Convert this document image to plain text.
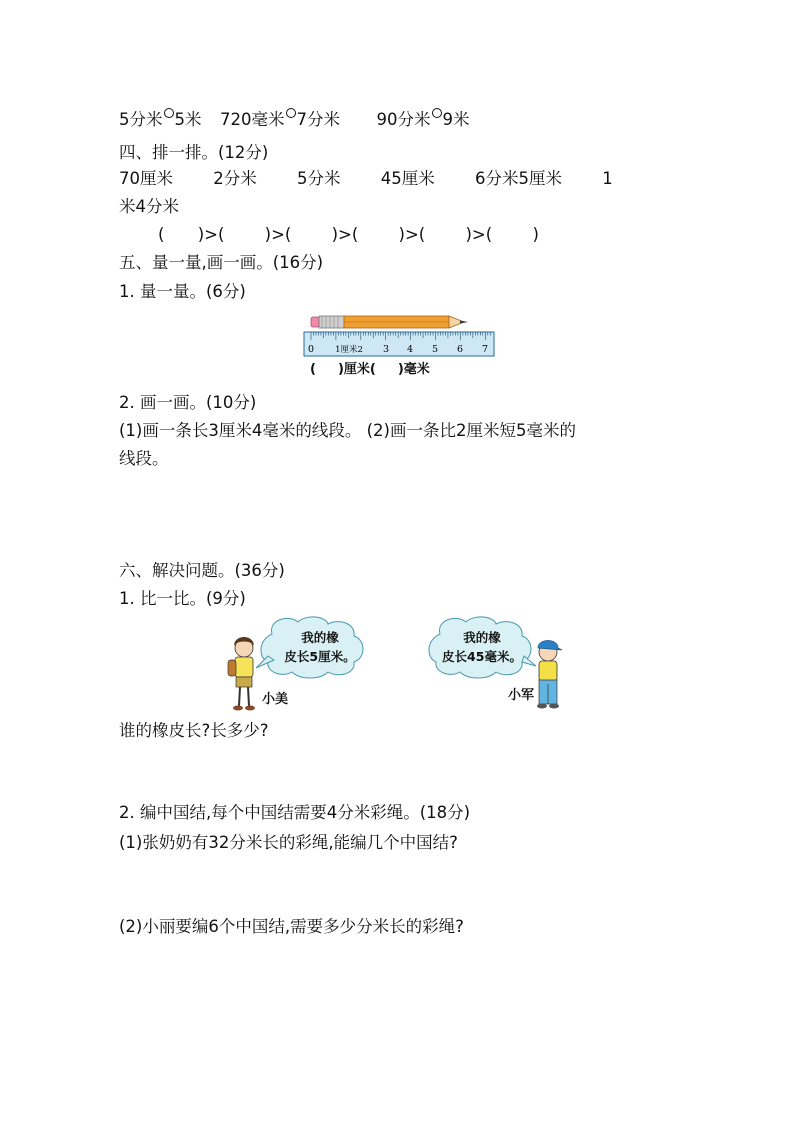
5分米 5米 720毫米 7分米 90分米 9米
四、排一排。(12分)
70厘米 2分米 5分米 45厘米 6分米5厘米 1
米4分米
( )>( )>( )>( )>( )>( )
五、量一量,画一画。(16分)
1. 量一量。(6分)
0 1厘米2 3 4 5 6 7
( )厘米( )毫米
2. 画一画。(10分)
(1)画一条长3厘米4毫米的线段。 (2)画一条比2厘米短5毫米的
线段。
六、解决问题。(36分)
1. 比一比。(9分)
我的橡
皮长5厘米。
小美
我的橡
皮长45毫米。
小军
谁的橡皮长?长多少?
2. 编中国结,每个中国结需要4分米彩绳。(18分)
(1)张奶奶有32分米长的彩绳,能编几个中国结?
(2)小丽要编6个中国结,需要多少分米长的彩绳?
